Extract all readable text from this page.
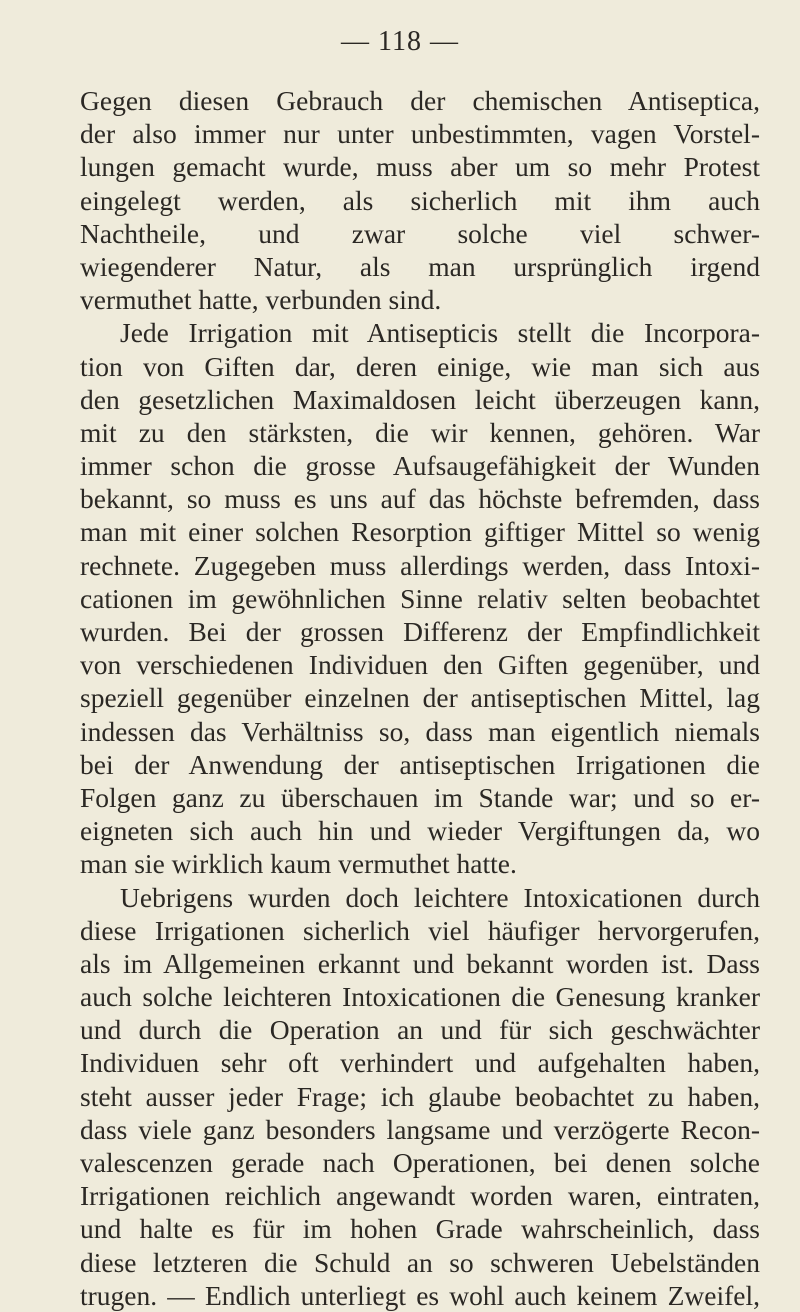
— 118 —
Gegen diesen Gebrauch der chemischen Antiseptica,
der also immer nur unter unbestimmten, vagen Vorstel-
lungen gemacht wurde, muss aber um so mehr Protest
eingelegt werden, als sicherlich mit ihm auch
Nachtheile, und zwar solche viel schwer-
wiegenderer Natur, als man ursprünglich irgend
vermuthet hatte, verbunden sind.
Jede Irrigation mit Antisepticis stellt die Incorpora-
tion von Giften dar, deren einige, wie man sich aus
den gesetzlichen Maximaldosen leicht überzeugen kann,
mit zu den stärksten, die wir kennen, gehören. War
immer schon die grosse Aufsaugefähigkeit der Wunden
bekannt, so muss es uns auf das höchste befremden, dass
man mit einer solchen Resorption giftiger Mittel so wenig
rechnete. Zugegeben muss allerdings werden, dass Intoxi-
cationen im gewöhnlichen Sinne relativ selten beobachtet
wurden. Bei der grossen Differenz der Empfindlichkeit
von verschiedenen Individuen den Giften gegenüber, und
speziell gegenüber einzelnen der antiseptischen Mittel, lag
indessen das Verhältniss so, dass man eigentlich niemals
bei der Anwendung der antiseptischen Irrigationen die
Folgen ganz zu überschauen im Stande war; und so er-
eigneten sich auch hin und wieder Vergiftungen da, wo
man sie wirklich kaum vermuthet hatte.
Uebrigens wurden doch leichtere Intoxicationen durch
diese Irrigationen sicherlich viel häufiger hervorgerufen,
als im Allgemeinen erkannt und bekannt worden ist. Dass
auch solche leichteren Intoxicationen die Genesung kranker
und durch die Operation an und für sich geschwächter
Individuen sehr oft verhindert und aufgehalten haben,
steht ausser jeder Frage; ich glaube beobachtet zu haben,
dass viele ganz besonders langsame und verzögerte Recon-
valescenzen gerade nach Operationen, bei denen solche
Irrigationen reichlich angewandt worden waren, eintraten,
und halte es für im hohen Grade wahrscheinlich, dass
diese letzteren die Schuld an so schweren Uebelständen
trugen. — Endlich unterliegt es wohl auch keinem Zweifel,
